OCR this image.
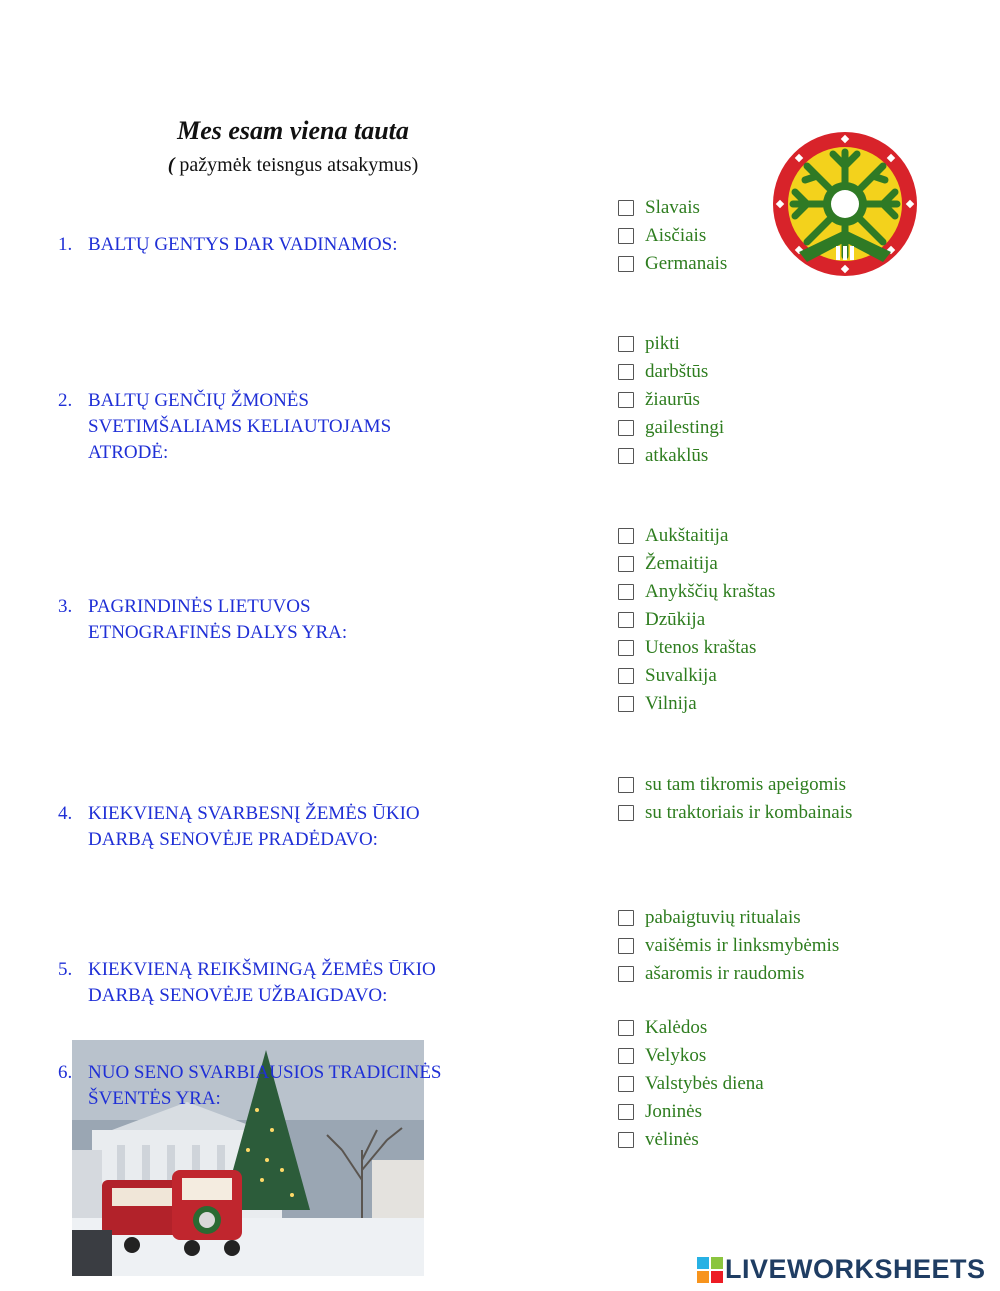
Mes esam viena tauta
( pažymėk teisngus atsakymus)
1. BALTŲ GENTYS DAR VADINAMOS:
Slavais
Aisčiais
Germanais
2. BALTŲ GENČIŲ ŽMONĖS SVETIMŠALIAMS KELIAUTOJAMS ATRODĖ:
pikti
darbštūs
žiaurūs
gailestingi
atkaklūs
3. PAGRINDINĖS LIETUVOS ETNOGRAFINĖS DALYS YRA:
Aukštaitija
Žemaitija
Anykščių kraštas
Dzūkija
Utenos kraštas
Suvalkija
Vilnija
4. KIEKVIENĄ SVARBESNĮ ŽEMĖS ŪKIO DARBĄ SENOVĖJE PRADĖDAVO:
su tam tikromis apeigomis
su traktoriais ir kombainais
5. KIEKVIENĄ REIKŠMINGĄ ŽEMĖS ŪKIO DARBĄ SENOVĖJE UŽBAIGDAVO:
pabaigtuvių ritualais
vaišėmis ir linksmybėmis
ašaromis ir raudomis
6. NUO SENO SVARBIAUSIOS TRADICINĖS ŠVENTĖS YRA:
Kalėdos
Velykos
Valstybės diena
Joninės
vėlinės
LIVEWORKSHEETS
